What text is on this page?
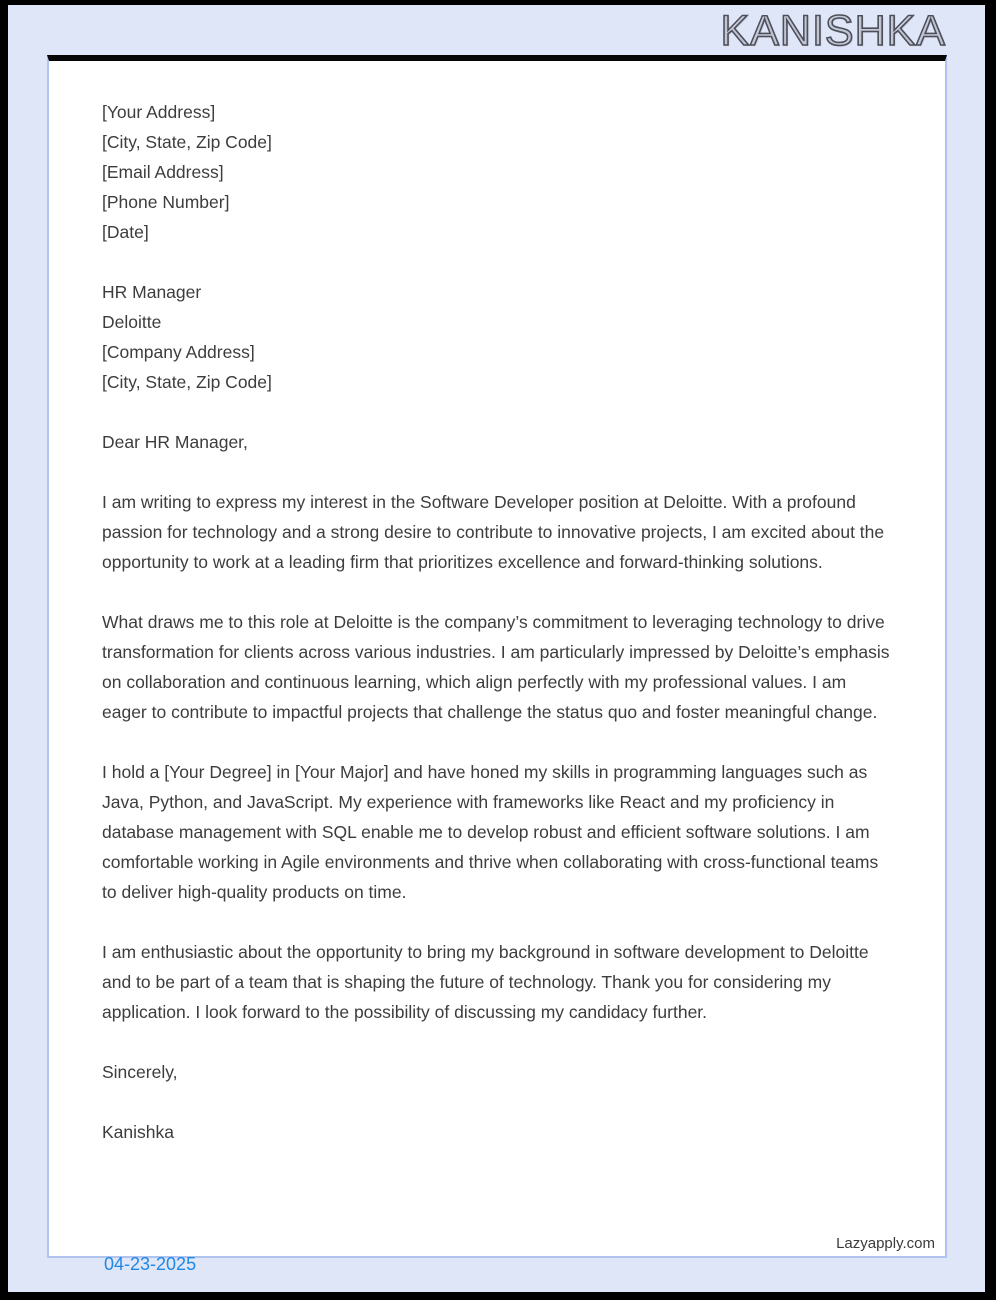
KANISHKA
[Your Address]
[City, State, Zip Code]
[Email Address]
[Phone Number]
[Date]
HR Manager
Deloitte
[Company Address]
[City, State, Zip Code]

Dear HR Manager,

I am writing to express my interest in the Software Developer position at Deloitte. With a profound passion for technology and a strong desire to contribute to innovative projects, I am excited about the opportunity to work at a leading firm that prioritizes excellence and forward-thinking solutions.

What draws me to this role at Deloitte is the company’s commitment to leveraging technology to drive transformation for clients across various industries. I am particularly impressed by Deloitte’s emphasis on collaboration and continuous learning, which align perfectly with my professional values. I am eager to contribute to impactful projects that challenge the status quo and foster meaningful change.

I hold a [Your Degree] in [Your Major] and have honed my skills in programming languages such as Java, Python, and JavaScript. My experience with frameworks like React and my proficiency in database management with SQL enable me to develop robust and efficient software solutions. I am comfortable working in Agile environments and thrive when collaborating with cross-functional teams to deliver high-quality products on time.

I am enthusiastic about the opportunity to bring my background in software development to Deloitte and to be part of a team that is shaping the future of technology. Thank you for considering my application. I look forward to the possibility of discussing my candidacy further.

Sincerely,

Kanishka

04-23-2025
Lazyapply.com
